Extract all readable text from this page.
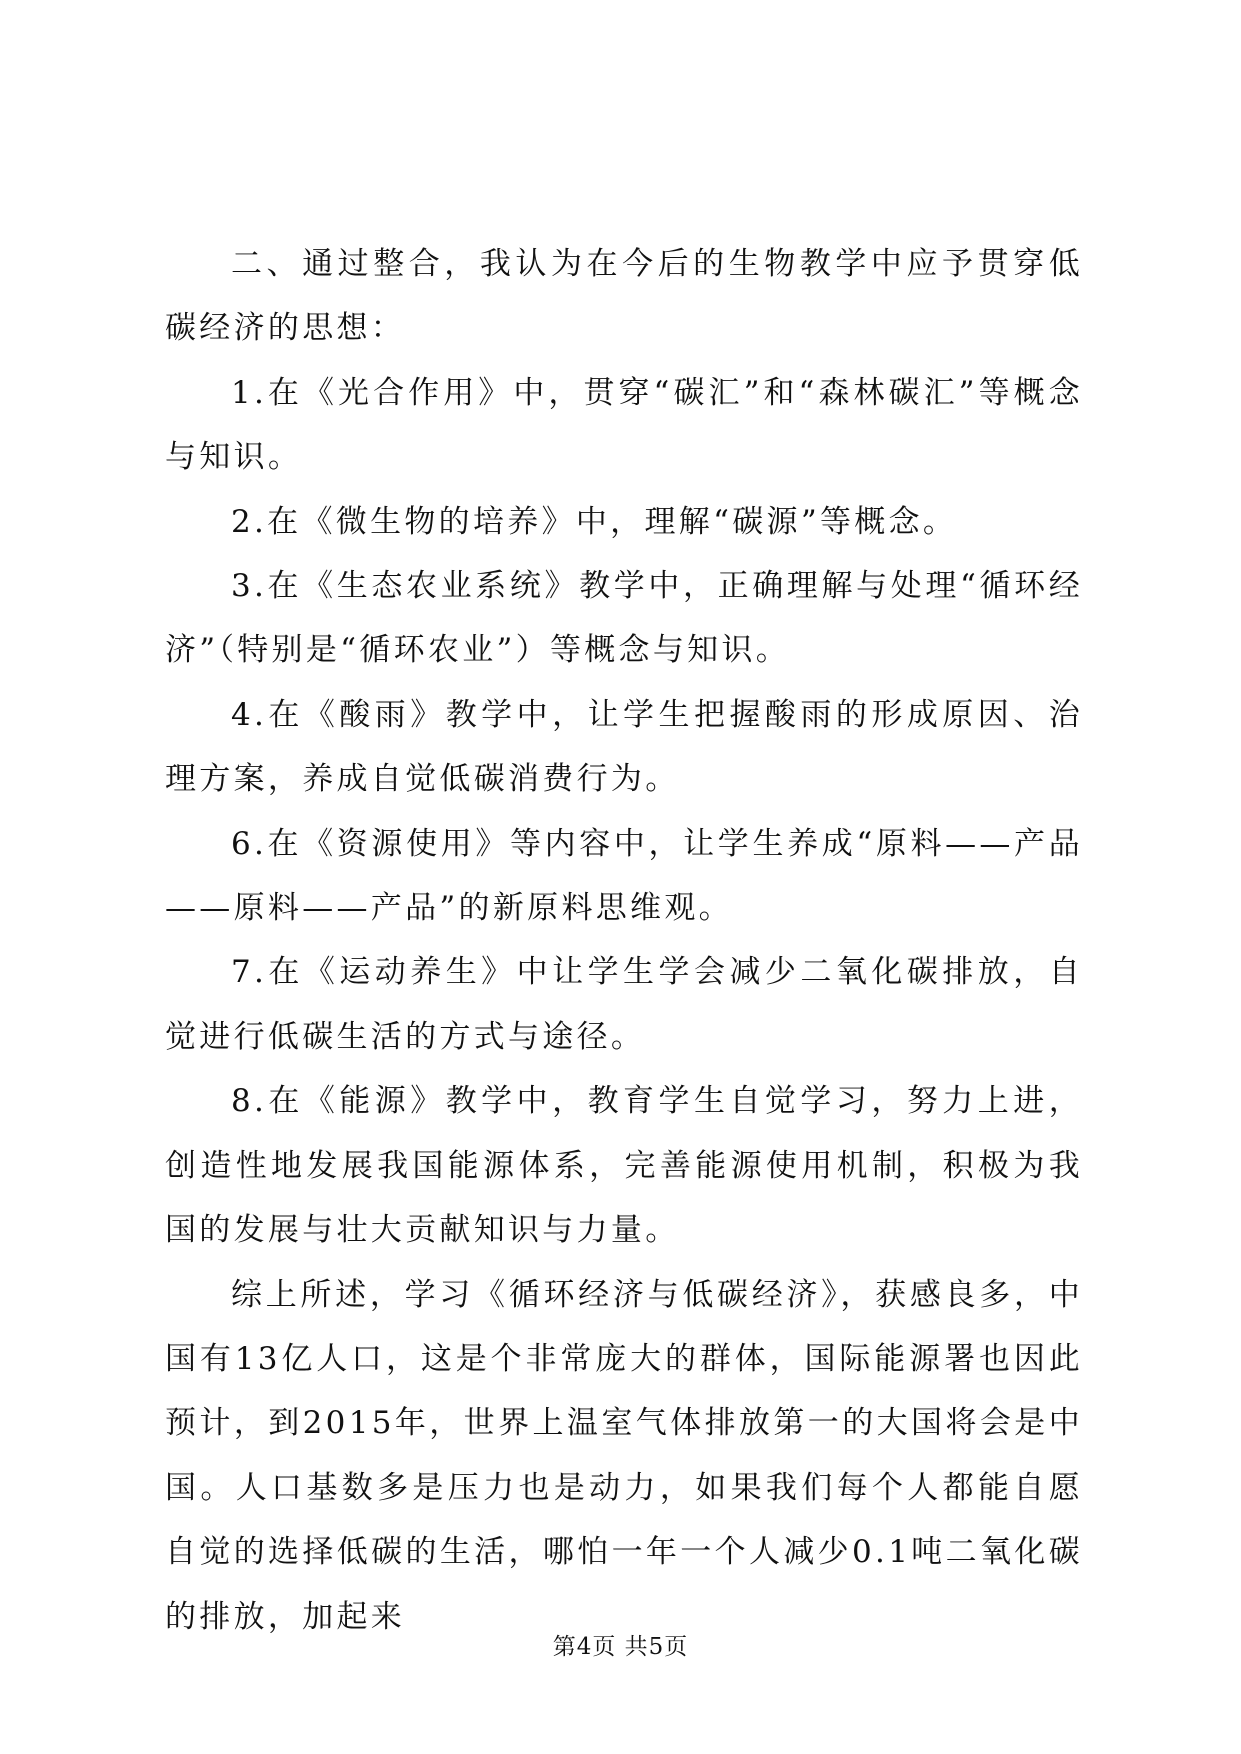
二、通过整合，我认为在今后的生物教学中应予贯穿低碳经济的思想：

1.在《光合作用》中，贯穿“碳汇”和“森林碳汇”等概念与知识。

2.在《微生物的培养》中，理解“碳源”等概念。

3.在《生态农业系统》教学中，正确理解与处理“循环经济”（特别是“循环农业”）等概念与知识。

4.在《酸雨》教学中，让学生把握酸雨的形成原因、治理方案，养成自觉低碳消费行为。

6.在《资源使用》等内容中，让学生养成“原料——产品——原料——产品”的新原料思维观。

7.在《运动养生》中让学生学会减少二氧化碳排放，自觉进行低碳生活的方式与途径。

8.在《能源》教学中，教育学生自觉学习，努力上进，创造性地发展我国能源体系，完善能源使用机制，积极为我国的发展与壮大贡献知识与力量。

综上所述，学习《循环经济与低碳经济》，获感良多，中国有13亿人口，这是个非常庞大的群体，国际能源署也因此预计，到2015年，世界上温室气体排放第一的大国将会是中国。人口基数多是压力也是动力，如果我们每个人都能自愿自觉的选择低碳的生活，哪怕一年一个人减少0.1吨二氧化碳的排放，加起来

第4页 共5页
